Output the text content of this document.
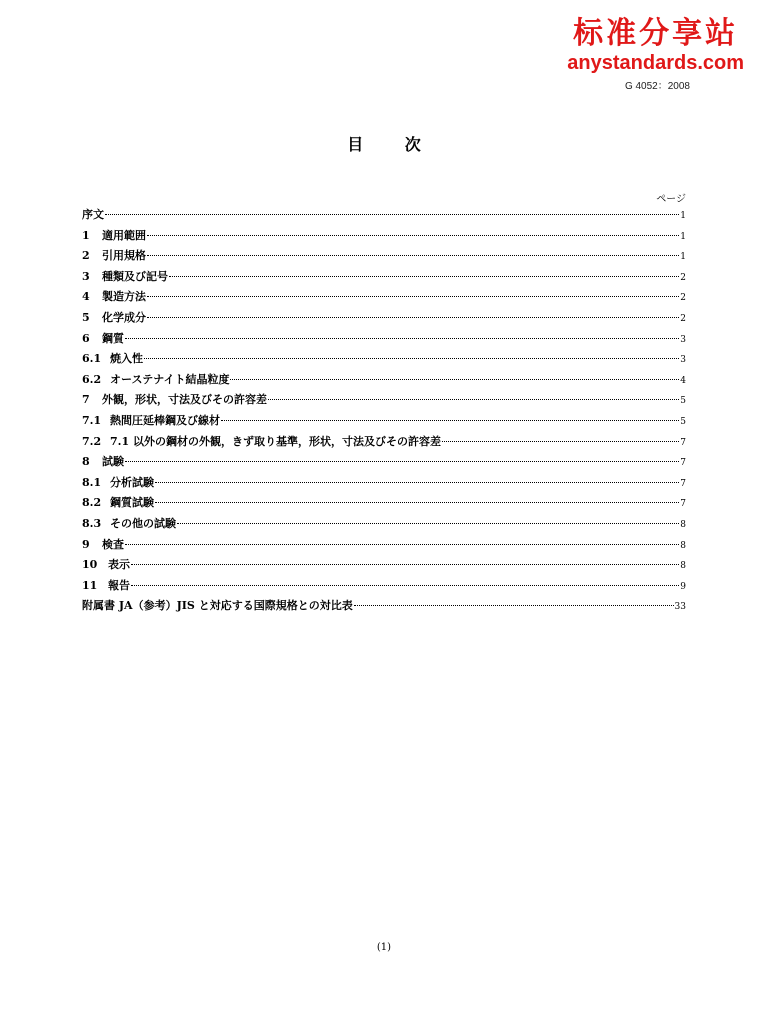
标准分享站
anystandards.com
G 4052：2008
目 次
ページ
序文	1
1	適用範囲	1
2	引用規格	1
3	種類及び記号	2
4	製造方法	2
5	化学成分	2
6	鋼質	3
6.1 焼入性	3
6.2 オーステナイト結晶粒度	4
7	外観，形状，寸法及びその許容差	5
7.1 熱間圧延棒鋼及び線材	5
7.2 7.1 以外の鋼材の外観，きず取り基準，形状，寸法及びその許容差	7
8	試験	7
8.1 分析試験	7
8.2 鋼質試験	7
8.3 その他の試験	8
9	検査	8
10 表示	8
11 報告	9
附属書 JA（参考）JIS と対応する国際規格との対比表	33
(1)
